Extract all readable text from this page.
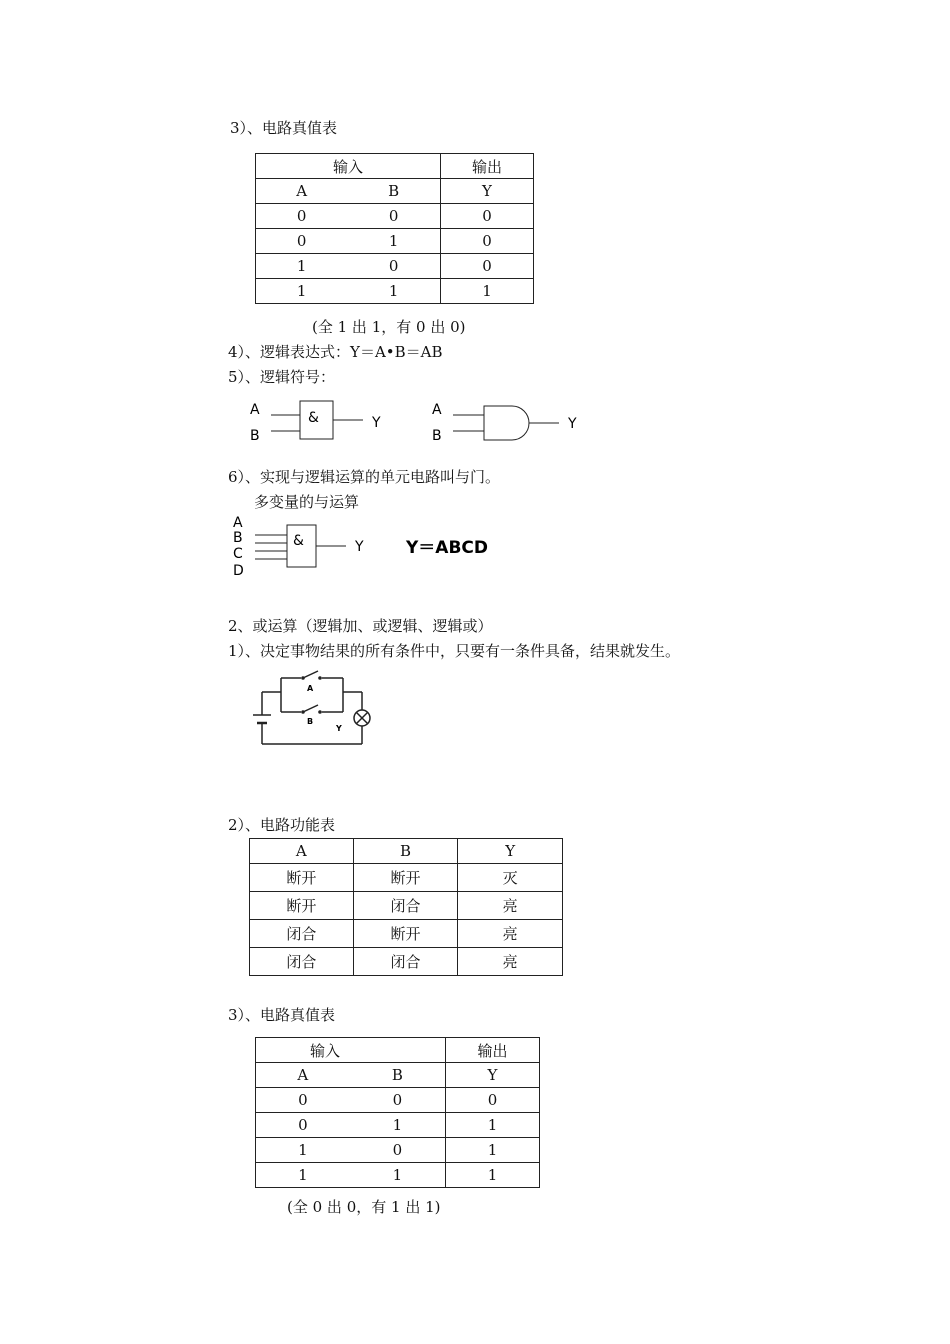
3）、电路真值表
输入		输出
A	B	Y
0	0	0
0	1	0
1	0	0
1	1	1
(全 1 出 1，有 0 出 0)
4）、逻辑表达式：Y＝A•B＝AB
5）、逻辑符号：
A
B
&	Y
A
B
Y
6）、实现与逻辑运算的单元电路叫与门。
多变量的与运算
A
B
C
D
&	Y Y＝ABCD
2、或运算（逻辑加、或逻辑、逻辑或）
1）、决定事物结果的所有条件中，只要有一条件具备，结果就发生。
A
B
Y
2）、电路功能表
A	B	Y
断开	断开	灭
断开	闭合	亮
闭合	断开	亮
闭合	闭合	亮
3）、电路真值表
输入		输出
A	B	Y
0	0	0
0	1	1
1	0	1
1	1	1
(全 0 出 0，有 1 出 1)
